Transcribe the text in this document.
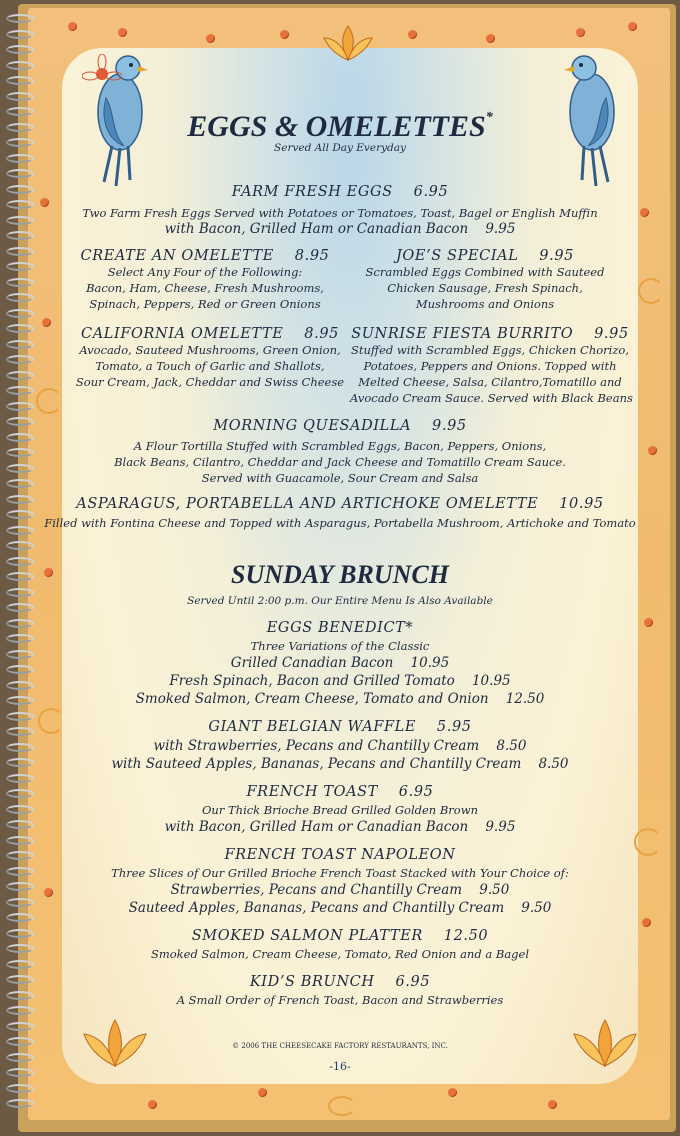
EGGS & OMELETTES*
Served All Day Everyday
FARM FRESH EGGS 6.95
Two Farm Fresh Eggs Served with Potatoes or Tomatoes, Toast, Bagel or English Muffin
with Bacon, Grilled Ham or Canadian Bacon 9.95
CREATE AN OMELETTE 8.95
Select Any Four of the Following:
Bacon, Ham, Cheese, Fresh Mushrooms,
Spinach, Peppers, Red or Green Onions
JOE’S SPECIAL 9.95
Scrambled Eggs Combined with Sauteed
Chicken Sausage, Fresh Spinach,
Mushrooms and Onions
CALIFORNIA OMELETTE 8.95
Avocado, Sauteed Mushrooms, Green Onion,
Tomato, a Touch of Garlic and Shallots,
Sour Cream, Jack, Cheddar and Swiss Cheese
SUNRISE FIESTA BURRITO 9.95
Stuffed with Scrambled Eggs, Chicken Chorizo,
Potatoes, Peppers and Onions. Topped with
Melted Cheese, Salsa, Cilantro,Tomatillo and
Avocado Cream Sauce. Served with Black Beans
MORNING QUESADILLA 9.95
A Flour Tortilla Stuffed with Scrambled Eggs, Bacon, Peppers, Onions,
Black Beans, Cilantro, Cheddar and Jack Cheese and Tomatillo Cream Sauce.
Served with Guacamole, Sour Cream and Salsa
ASPARAGUS, PORTABELLA AND ARTICHOKE OMELETTE 10.95
Filled with Fontina Cheese and Topped with Asparagus, Portabella Mushroom, Artichoke and Tomato
SUNDAY BRUNCH
Served Until 2:00 p.m. Our Entire Menu Is Also Available
EGGS BENEDICT*
Three Variations of the Classic
Grilled Canadian Bacon 10.95
Fresh Spinach, Bacon and Grilled Tomato 10.95
Smoked Salmon, Cream Cheese, Tomato and Onion 12.50
GIANT BELGIAN WAFFLE 5.95
with Strawberries, Pecans and Chantilly Cream 8.50
with Sauteed Apples, Bananas, Pecans and Chantilly Cream 8.50
FRENCH TOAST 6.95
Our Thick Brioche Bread Grilled Golden Brown
with Bacon, Grilled Ham or Canadian Bacon 9.95
FRENCH TOAST NAPOLEON
Three Slices of Our Grilled Brioche French Toast Stacked with Your Choice of:
Strawberries, Pecans and Chantilly Cream 9.50
Sauteed Apples, Bananas, Pecans and Chantilly Cream 9.50
SMOKED SALMON PLATTER 12.50
Smoked Salmon, Cream Cheese, Tomato, Red Onion and a Bagel
KID’S BRUNCH 6.95
A Small Order of French Toast, Bacon and Strawberries
© 2006 THE CHEESECAKE FACTORY RESTAURANTS, INC.
-16-
